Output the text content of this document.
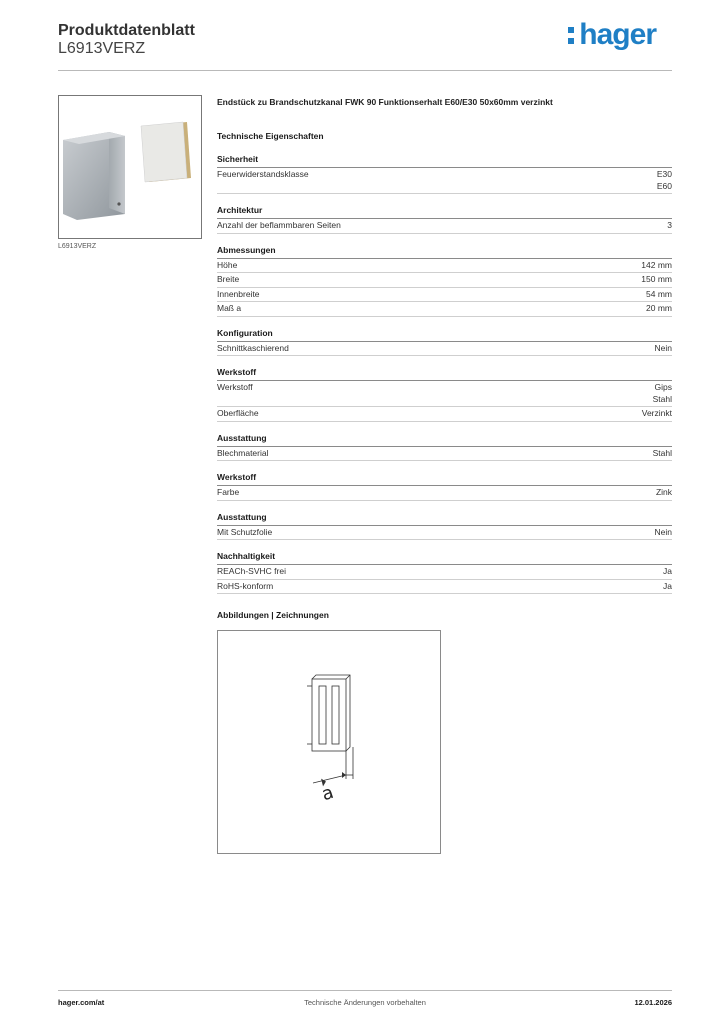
Produktdatenblatt
L6913VERZ	hager
L6913VERZ
Endstück zu Brandschutzkanal FWK 90 Funktionserhalt E60/E30 50x60mm verzinkt
Technische Eigenschaften
Sicherheit
Feuerwiderstandsklasse	E30
E60
Architektur
Anzahl der beflammbaren Seiten	3
Abmessungen
Höhe	142 mm
Breite	150 mm
Innenbreite	54 mm
Maß a	20 mm
Konfiguration
Schnittkaschierend	Nein
Werkstoff
Werkstoff	Gips
Stahl
Oberfläche	Verzinkt
Ausstattung
Blechmaterial	Stahl
Werkstoff
Farbe	Zink
Ausstattung
Mit Schutzfolie	Nein
Nachhaltigkeit
REACh-SVHC frei	Ja
RoHS-konform	Ja
Abbildungen | Zeichnungen
a
hager.com/at	Technische Änderungen vorbehalten	12.01.2026
